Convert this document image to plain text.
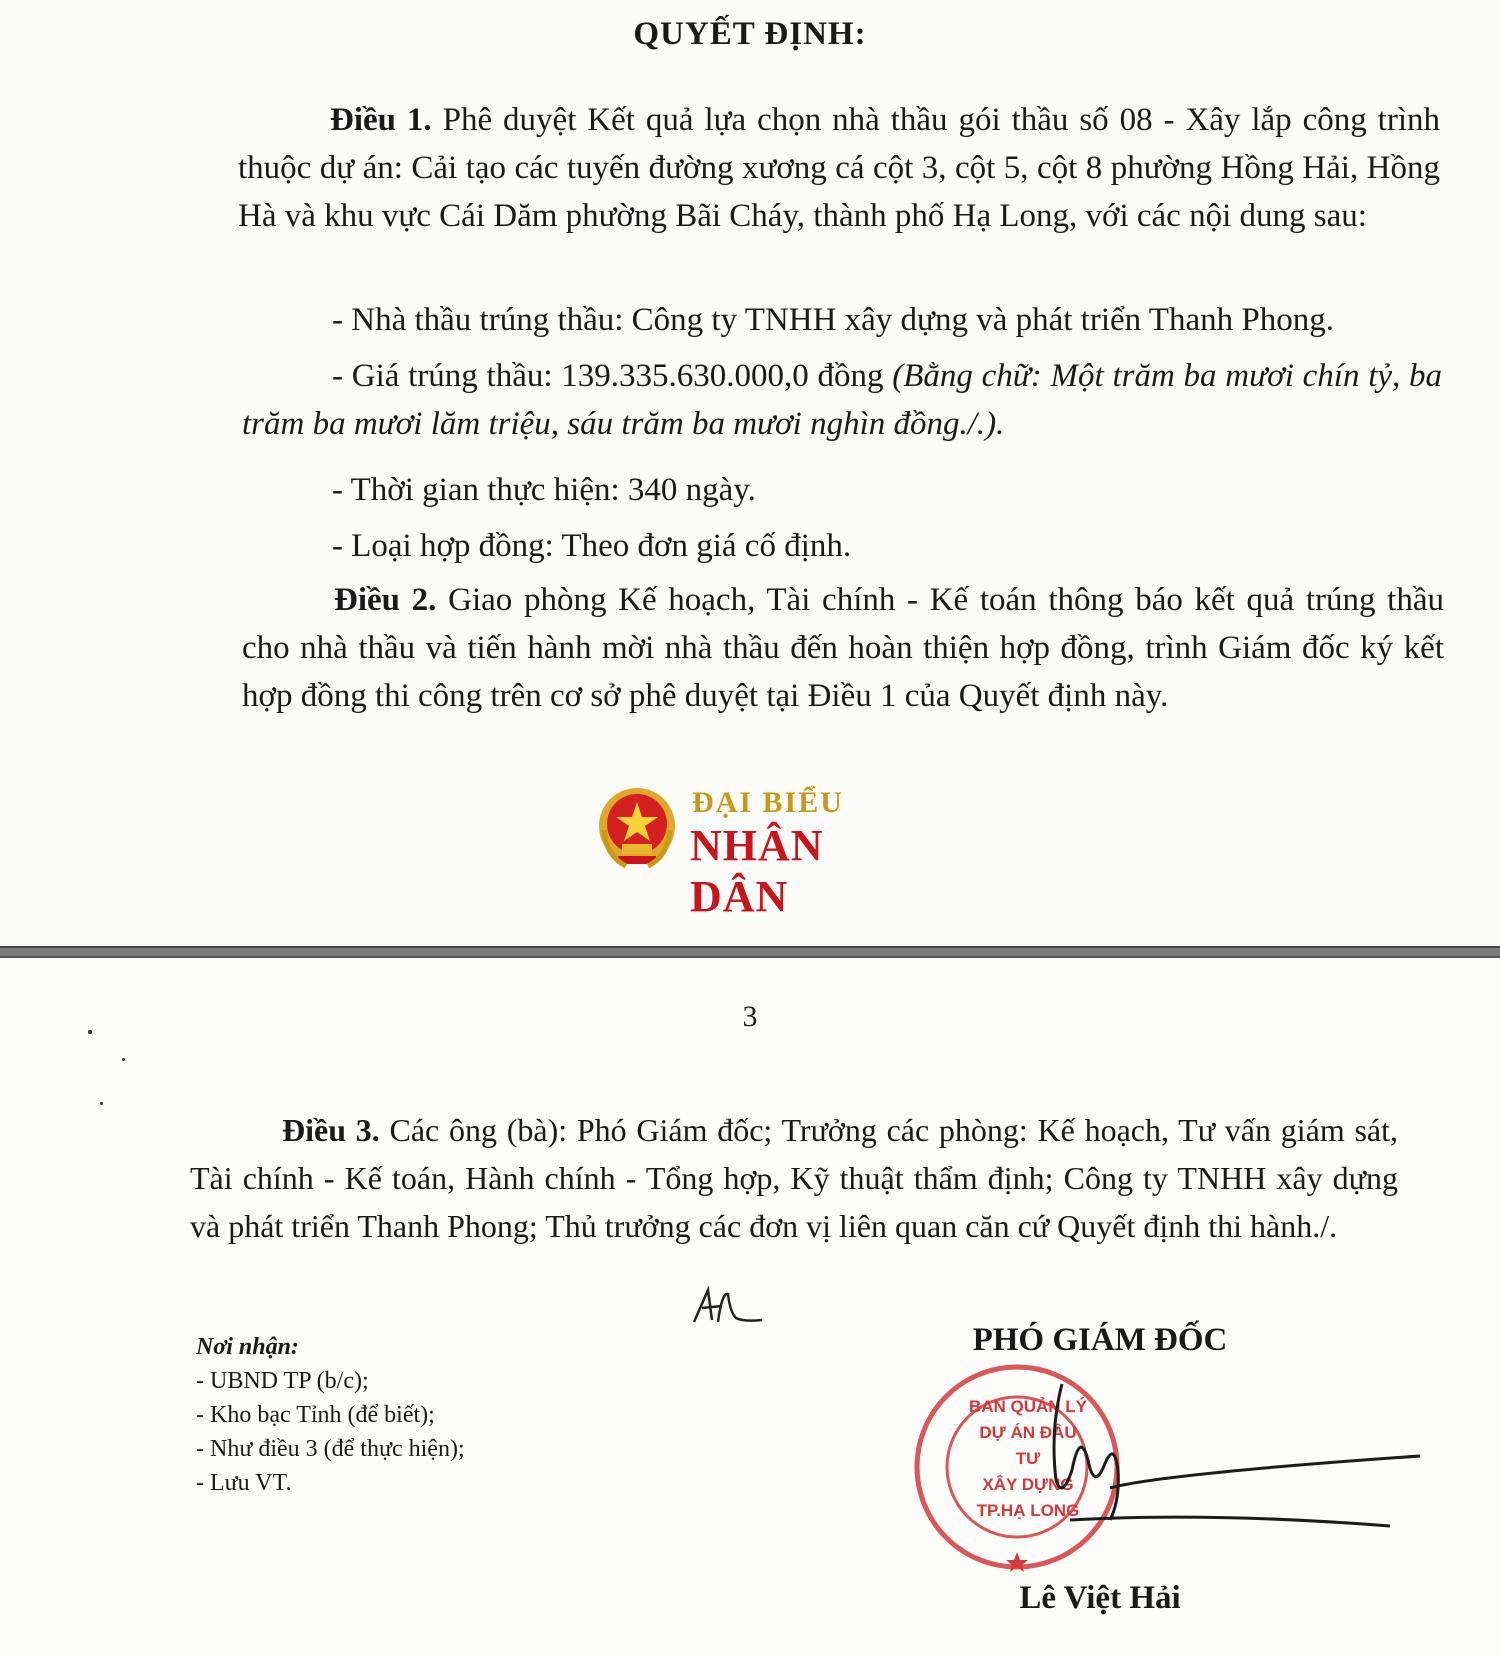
QUYẾT ĐỊNH:
Điều 1. Phê duyệt Kết quả lựa chọn nhà thầu gói thầu số 08 - Xây lắp công trình thuộc dự án: Cải tạo các tuyến đường xương cá cột 3, cột 5, cột 8 phường Hồng Hải, Hồng Hà và khu vực Cái Dăm phường Bãi Cháy, thành phố Hạ Long, với các nội dung sau:
- Nhà thầu trúng thầu: Công ty TNHH xây dựng và phát triển Thanh Phong.
- Giá trúng thầu: 139.335.630.000,0 đồng (Bằng chữ: Một trăm ba mươi chín tỷ, ba trăm ba mươi lăm triệu, sáu trăm ba mươi nghìn đồng./.).
- Thời gian thực hiện: 340 ngày.
- Loại hợp đồng: Theo đơn giá cố định.
Điều 2. Giao phòng Kế hoạch, Tài chính - Kế toán thông báo kết quả trúng thầu cho nhà thầu và tiến hành mời nhà thầu đến hoàn thiện hợp đồng, trình Giám đốc ký kết hợp đồng thi công trên cơ sở phê duyệt tại Điều 1 của Quyết định này.
ĐẠI BIỂU
NHÂN DÂN
3
Điều 3. Các ông (bà): Phó Giám đốc; Trưởng các phòng: Kế hoạch, Tư vấn giám sát, Tài chính - Kế toán, Hành chính - Tổng hợp, Kỹ thuật thẩm định; Công ty TNHH xây dựng và phát triển Thanh Phong; Thủ trưởng các đơn vị liên quan căn cứ Quyết định thi hành./.
Nơi nhận:
- UBND TP (b/c);
- Kho bạc Tỉnh (để biết);
- Như điều 3 (để thực hiện);
- Lưu VT.
PHÓ GIÁM ĐỐC
BAN QUẢN LÝ
DỰ ÁN ĐẦU TƯ
XÂY DỰNG
TP.HẠ LONG
Lê Việt Hải
